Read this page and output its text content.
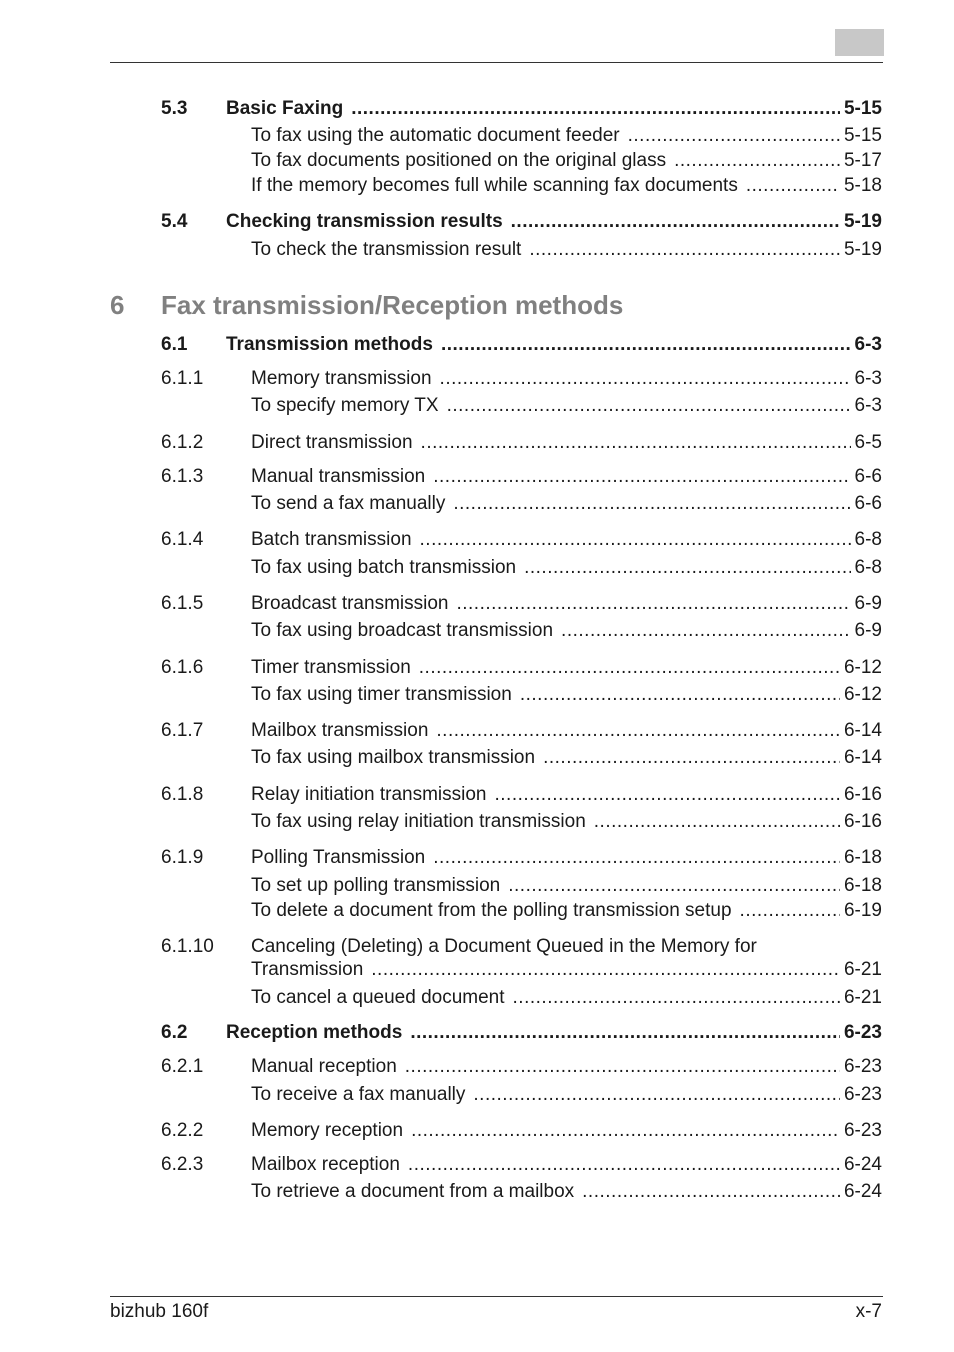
5.3 Basic Faxing .....	5-15
To fax using the automatic document feeder .....	5-15
To fax documents positioned on the original glass .....	5-17
If the memory becomes full while scanning fax documents .....	5-18
5.4 Checking transmission results .....	5-19
To check the transmission result .....	5-19
6 Fax transmission/Reception methods
6.1 Transmission methods .....	6-3
6.1.1	Memory transmission .....	6-3
To specify memory TX .....	6-3
6.1.2	Direct transmission .....	6-5
6.1.3	Manual transmission .....	6-6
To send a fax manually .....	6-6
6.1.4	Batch transmission .....	6-8
To fax using batch transmission .....	6-8
6.1.5	Broadcast transmission .....	6-9
To fax using broadcast transmission .....	6-9
6.1.6	Timer transmission .....	6-12
To fax using timer transmission .....	6-12
6.1.7	Mailbox transmission .....	6-14
To fax using mailbox transmission .....	6-14
6.1.8	Relay initiation transmission .....	6-16
To fax using relay initiation transmission .....	6-16
6.1.9	Polling Transmission .....	6-18
To set up polling transmission .....	6-18
To delete a document from the polling transmission setup .....	6-19
6.1.10 Canceling (Deleting) a Document Queued in the Memory for
Transmission .....	6-21
To cancel a queued document .....	6-21
6.2 Reception methods .....	6-23
6.2.1	Manual reception .....	6-23
To receive a fax manually .....	6-23
6.2.2	Memory reception .....	6-23
6.2.3	Mailbox reception .....	6-24
To retrieve a document from a mailbox .....	6-24
bizhub 160f	x-7
